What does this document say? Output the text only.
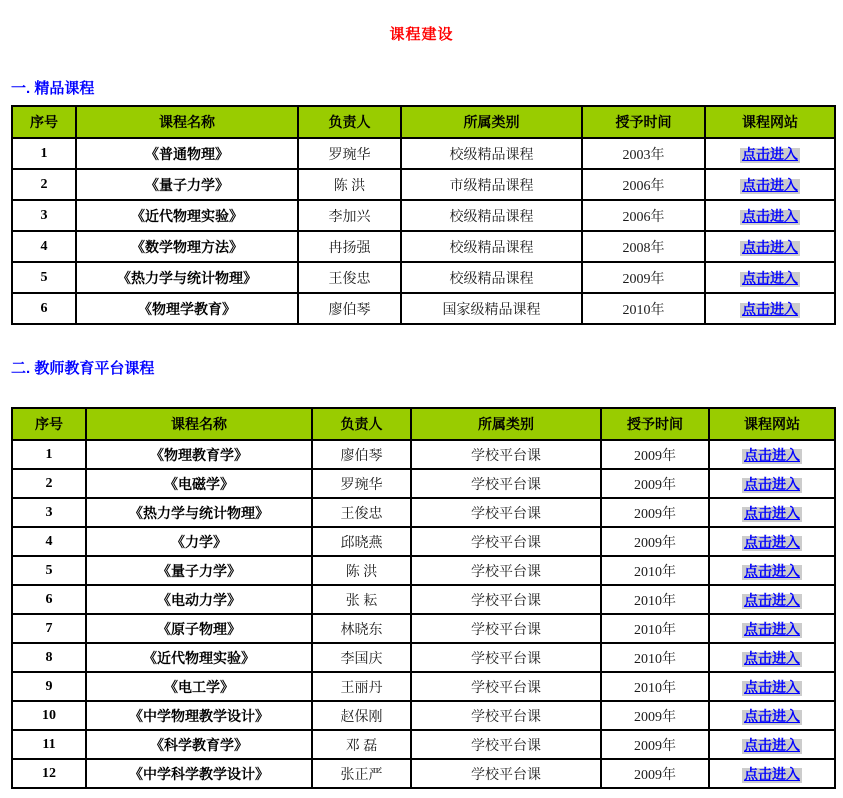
课程建设
一. 精品课程
序号	课程名称	负责人	所属类别	授予时间	课程网站
1	《普通物理》	罗琬华	校级精品课程	2003年	点击进入
2	《量子力学》	陈 洪	市级精品课程	2006年	点击进入
3	《近代物理实验》	李加兴	校级精品课程	2006年	点击进入
4	《数学物理方法》	冉扬强	校级精品课程	2008年	点击进入
5	《热力学与统计物理》	王俊忠	校级精品课程	2009年	点击进入
6	《物理学教育》	廖伯琴	国家级精品课程	2010年	点击进入
二. 教师教育平台课程
序号	课程名称	负责人	所属类别	授予时间	课程网站
1	《物理教育学》	廖伯琴	学校平台课	2009年	点击进入
2	《电磁学》	罗琬华	学校平台课	2009年	点击进入
3	《热力学与统计物理》	王俊忠	学校平台课	2009年	点击进入
4	《力学》	邱晓燕	学校平台课	2009年	点击进入
5	《量子力学》	陈 洪	学校平台课	2010年	点击进入
6	《电动力学》	张 耘	学校平台课	2010年	点击进入
7	《原子物理》	林晓东	学校平台课	2010年	点击进入
8	《近代物理实验》	李国庆	学校平台课	2010年	点击进入
9	《电工学》	王丽丹	学校平台课	2010年	点击进入
10	《中学物理教学设计》	赵保刚	学校平台课	2009年	点击进入
11	《科学教育学》	邓 磊	学校平台课	2009年	点击进入
12	《中学科学教学设计》	张正严	学校平台课	2009年	点击进入
